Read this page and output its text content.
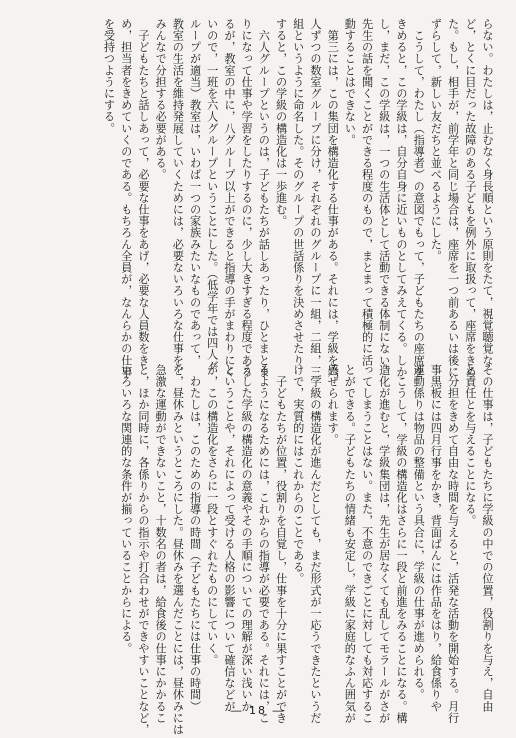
らない。わたしは，止むなく身長順という原則をたて，視覚聴覚な

ど，とくに目だった故障のある子どもを例外に取扱って，座席をきめ

た。もし，相手が，前学年と同じ場合は，座席を一つ前あるいは後に

ずらして，新しい友だちと並べるようにした。

　こうして，わたし（指導者）の意図でもって，子どもたちの座席を

きめると，この学級は，自分自身に近いものとしてみえてくる。しか

し，まだ，この学級は，一つの生活体として活動できる体制にない。

先生の話を聞くことができる程度のもので，まとまって積極的に活

動することはできない。

　第三には，この集団を構造化する仕事がある。それには，学級を六

人ずつの数室グループに分け，それぞれのグループに一組，二組，三

組というように命名した。そのグループの世話係りを決めさせたり

すると，この学級の構造化は一歩進む。

　六人グループというのは，子どもたちが話しあったり，ひとまとま

りになって仕事や学習をしたりするのに，少し大きすぎる程度である

るが，教室の中に，八グループ以上ができると指導の手がまわりにく

いので，一班を六人グループということにした。（低学年では四人グ

ループが適当）教室は，いわば一つの家族みたいなものであって，

教室の生活を維持発展していくためには，必要ないろいろな仕事を，

みんなで分担する必要がある。

　子どもたちと話しあって，必要な仕事をあげ，必要な人員数をき

め，担当者をきめていくのである。もちろん全員が，なんらかの仕事

を受持つようにする。

その仕事は，子どもたちに学級の中での位置，役割りを与え，自由

と責任とを与えることになる。

　分担をきめて自由な時間を与えると，活発な活動を開始する。月行

事黒板には四月行事をかき，背面ばんには作品をはり，給食係りや

運動係りは物品の整備という具合に，学級の仕事が進められる。

　こうして，学級の構造化はさらに一段と前進をみることになる。構

造化が進むと，学級集団は，先生が居なくても乱してモラールがさが

ってしまうことはない。また，不意のできごとに対しても対応するこ

とができる。子どもたちの情緒も安定し，学級に家庭的なふん囲気が

感ぜられます。

　学級の構造化が進んだとしても，まだ形式が一応うできたというだ

けで，実質的にはこれからのことである。

　子どもたちが位置，役割りを自覚し，仕事を十分に果すことができ

るようになるためには，これからの指導が必要である。それには，こ

うした学級の構造化の意義やその手順についての理解が深い浅いか

ということや，それによって受ける人格の影響について確信などが

が，この構造化をさらに一段とすぐれたものにしていく。

　わたしは，このための指導の時間（子どもたちには仕事の時間）

を，昼休みというところにした。昼休みを選んだことには，昼休みには

急激な運動ができないこと，十数名の者は，給食後の仕事にかかるこ

と，ほか同時に，各係りからの指示や打合わせができやすいことなど，

いろいろな関連的な条件が揃っていることからによる。

― 18 ―
